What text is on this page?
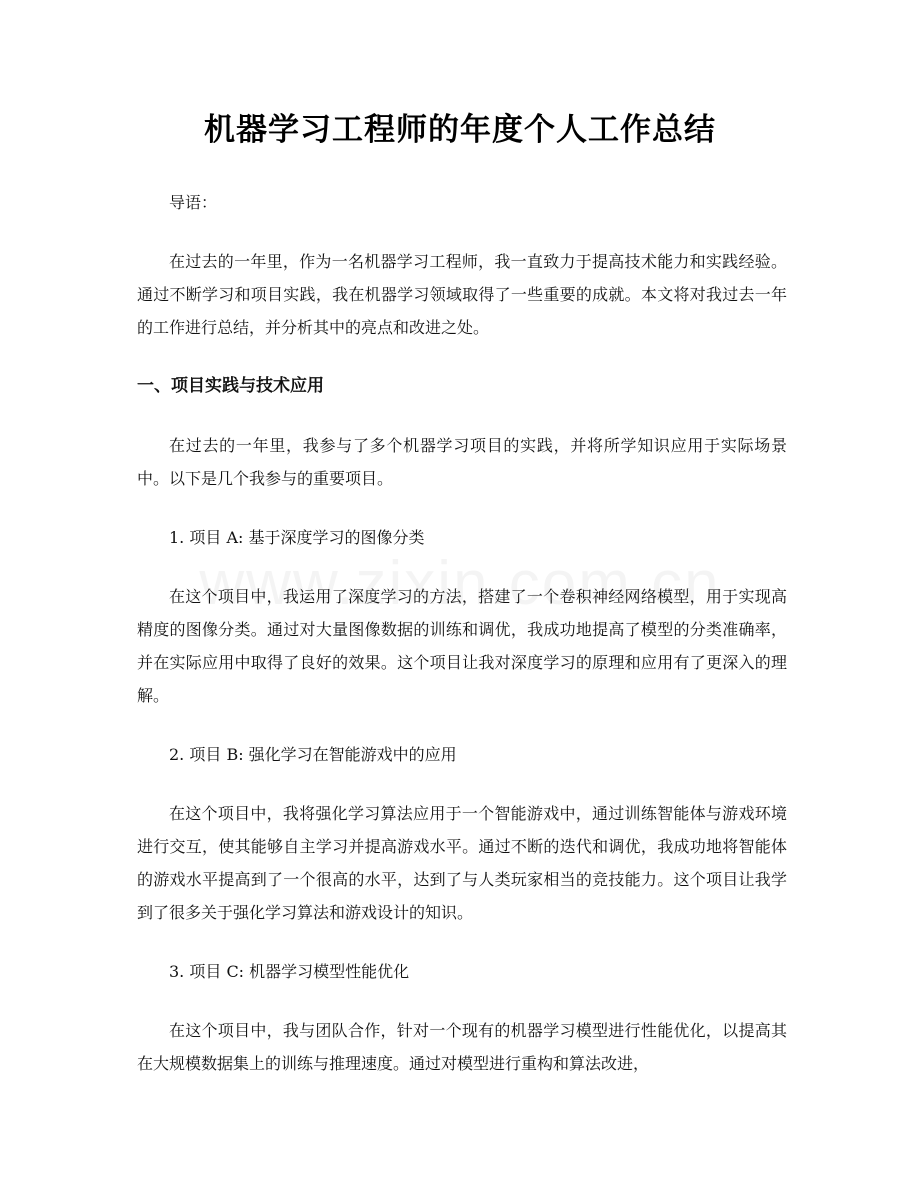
机器学习工程师的年度个人工作总结

导语：

在过去的一年里，作为一名机器学习工程师，我一直致力于提高技术能力和实践经验。通过不断学习和项目实践，我在机器学习领域取得了一些重要的成就。本文将对我过去一年的工作进行总结，并分析其中的亮点和改进之处。

一、项目实践与技术应用

在过去的一年里，我参与了多个机器学习项目的实践，并将所学知识应用于实际场景中。以下是几个我参与的重要项目。

1. 项目 A: 基于深度学习的图像分类

在这个项目中，我运用了深度学习的方法，搭建了一个卷积神经网络模型，用于实现高精度的图像分类。通过对大量图像数据的训练和调优，我成功地提高了模型的分类准确率，并在实际应用中取得了良好的效果。这个项目让我对深度学习的原理和应用有了更深入的理解。

2. 项目 B: 强化学习在智能游戏中的应用

在这个项目中，我将强化学习算法应用于一个智能游戏中，通过训练智能体与游戏环境进行交互，使其能够自主学习并提高游戏水平。通过不断的迭代和调优，我成功地将智能体的游戏水平提高到了一个很高的水平，达到了与人类玩家相当的竞技能力。这个项目让我学到了很多关于强化学习算法和游戏设计的知识。

3. 项目 C: 机器学习模型性能优化

在这个项目中，我与团队合作，针对一个现有的机器学习模型进行性能优化，以提高其在大规模数据集上的训练与推理速度。通过对模型进行重构和算法改进，
